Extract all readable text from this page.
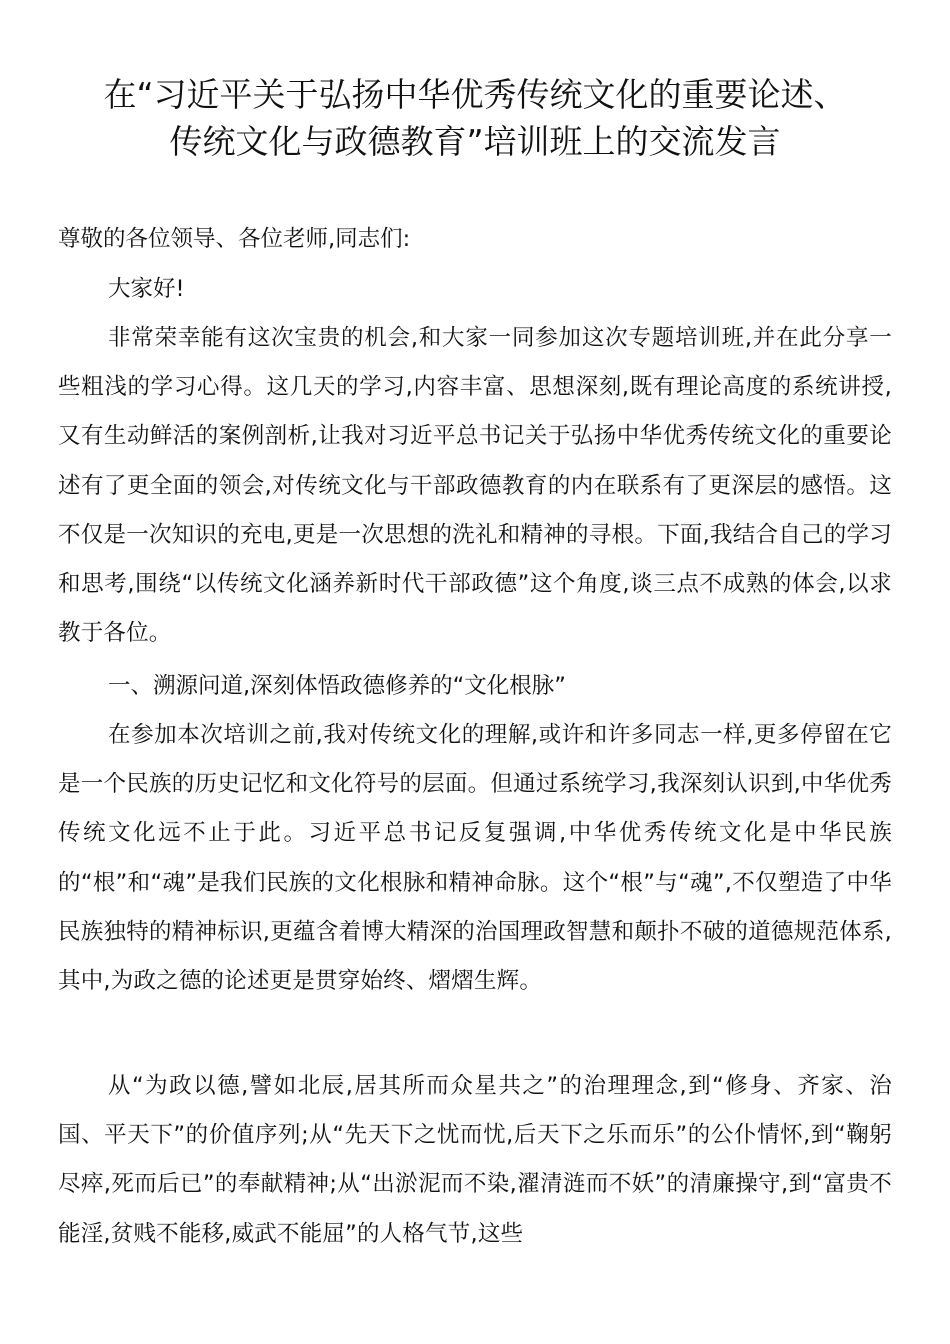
在“习近平关于弘扬中华优秀传统文化的重要论述、
传统文化与政德教育”培训班上的交流发言
尊敬的各位领导、各位老师,同志们:
大家好!

非常荣幸能有这次宝贵的机会,和大家一同参加这次专题培训班,并在此分享一些粗浅的学习心得。这几天的学习,内容丰富、思想深刻,既有理论高度的系统讲授,又有生动鲜活的案例剖析,让我对习近平总书记关于弘扬中华优秀传统文化的重要论述有了更全面的领会,对传统文化与干部政德教育的内在联系有了更深层的感悟。这不仅是一次知识的充电,更是一次思想的洗礼和精神的寻根。下面,我结合自己的学习和思考,围绕“以传统文化涵养新时代干部政德”这个角度,谈三点不成熟的体会,以求教于各位。

一、溯源问道,深刻体悟政德修养的“文化根脉”

在参加本次培训之前,我对传统文化的理解,或许和许多同志一样,更多停留在它是一个民族的历史记忆和文化符号的层面。但通过系统学习,我深刻认识到,中华优秀传统文化远不止于此。习近平总书记反复强调,中华优秀传统文化是中华民族的“根”和“魂”是我们民族的文化根脉和精神命脉。这个“根”与“魂”,不仅塑造了中华民族独特的精神标识,更蕴含着博大精深的治国理政智慧和颠扑不破的道德规范体系,其中,为政之德的论述更是贯穿始终、熠熠生辉。

从“为政以德,譬如北辰,居其所而众星共之”的治理理念,到“修身、齐家、治国、平天下”的价值序列;从“先天下之忧而忧,后天下之乐而乐”的公仆情怀,到“鞠躬尽瘁,死而后已”的奉献精神;从“出淤泥而不染,濯清涟而不妖”的清廉操守,到“富贵不能淫,贫贱不能移,威武不能屈”的人格气节,这些
